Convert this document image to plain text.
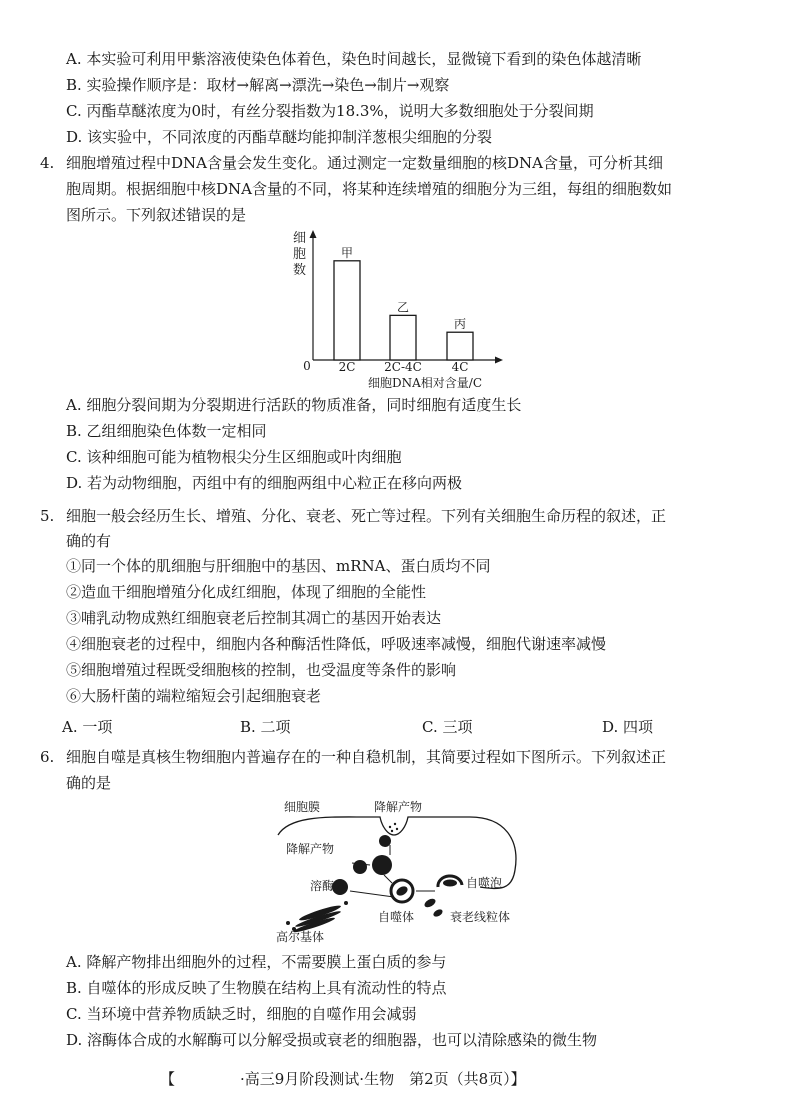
A. 本实验可利用甲紫溶液使染色体着色，染色时间越长，显微镜下看到的染色体越清晰
B. 实验操作顺序是：取材→解离→漂洗→染色→制片→观察
C. 丙酯草醚浓度为0时，有丝分裂指数为18.3%，说明大多数细胞处于分裂间期
D. 该实验中，不同浓度的丙酯草醚均能抑制洋葱根尖细胞的分裂
4. 细胞增殖过程中DNA含量会发生变化。通过测定一定数量细胞的核DNA含量，可分析其细
胞周期。根据细胞中核DNA含量的不同，将某种连续增殖的细胞分为三组，每组的细胞数如
图所示。下列叙述错误的是
细
胞
数
0
甲
2C
乙
2C-4C
丙
4C
细胞DNA相对含量/C
A. 细胞分裂间期为分裂期进行活跃的物质准备，同时细胞有适度生长
B. 乙组细胞染色体数一定相同
C. 该种细胞可能为植物根尖分生区细胞或叶肉细胞
D. 若为动物细胞，丙组中有的细胞两组中心粒正在移向两极
5. 细胞一般会经历生长、增殖、分化、衰老、死亡等过程。下列有关细胞生命历程的叙述，正
确的有
①同一个体的肌细胞与肝细胞中的基因、mRNA、蛋白质均不同
②造血干细胞增殖分化成红细胞，体现了细胞的全能性
③哺乳动物成熟红细胞衰老后控制其凋亡的基因开始表达
④细胞衰老的过程中，细胞内各种酶活性降低，呼吸速率减慢，细胞代谢速率减慢
⑤细胞增殖过程既受细胞核的控制，也受温度等条件的影响
⑥大肠杆菌的端粒缩短会引起细胞衰老
A. 一项	B. 二项	C. 三项	D. 四项
6. 细胞自噬是真核生物细胞内普遍存在的一种自稳机制，其简要过程如下图所示。下列叙述正
确的是
细胞膜	降解产物
降解产物
溶酶体	自噬泡
自噬体	衰老线粒体
高尔基体
A. 降解产物排出细胞外的过程，不需要膜上蛋白质的参与
B. 自噬体的形成反映了生物膜在结构上具有流动性的特点
C. 当环境中营养物质缺乏时，细胞的自噬作用会减弱
D. 溶酶体合成的水解酶可以分解受损或衰老的细胞器，也可以清除感染的微生物
【	·高三9月阶段测试·生物　第2页（共8页）】
